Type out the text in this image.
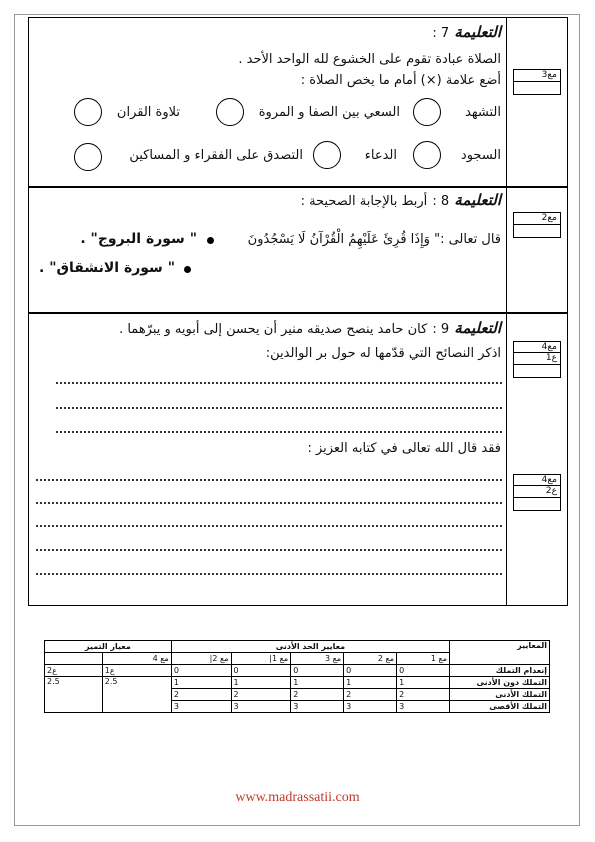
التعليمة 7 :
الصلاة عبادة تقوم على الخشوع لله الواحد الأحد .
أضع علامة (×) أمام ما يخص الصلاة :
التشهد
السعي بين الصفا و المروة
تلاوة القران
السجود
الدعاء
التصدق على الفقراء و المساكين
مع3
التعليمة 8 : أربط بالإجابة الصحيحة :
قال تعالى :" وَإِذَا قُرِئَ عَلَيْهِمُ الْقُرْآنُ لَا يَسْجُدُونَ
" سورة البروج" .
" سورة الانشقاق" .
مع2
التعليمة 9 : كان حامد ينصح صديقه منير أن يحسن إلى أبويه و يبرّهما .
اذكر النصائح التي قدّمها له حول بر الوالدين:
فقد قال الله تعالى في كتابه العزيز :
مع4
ع1
مع4
ع2
المعايير	معايير الحد الأدنى					معيار التميز	
	مع 1	مع 2	مع 3	مع 1|	مع 2|	مع 4	
إنعدام التملك	0	0	0	0	0	ع1	ع2
التملك دون الأدنى	1	1	1	1	1	2.5	2.5
التملك الأدنى	2	2	2	2	2		
التملك الأقصى	3	3	3	3	3		
www.madrassatii.com
